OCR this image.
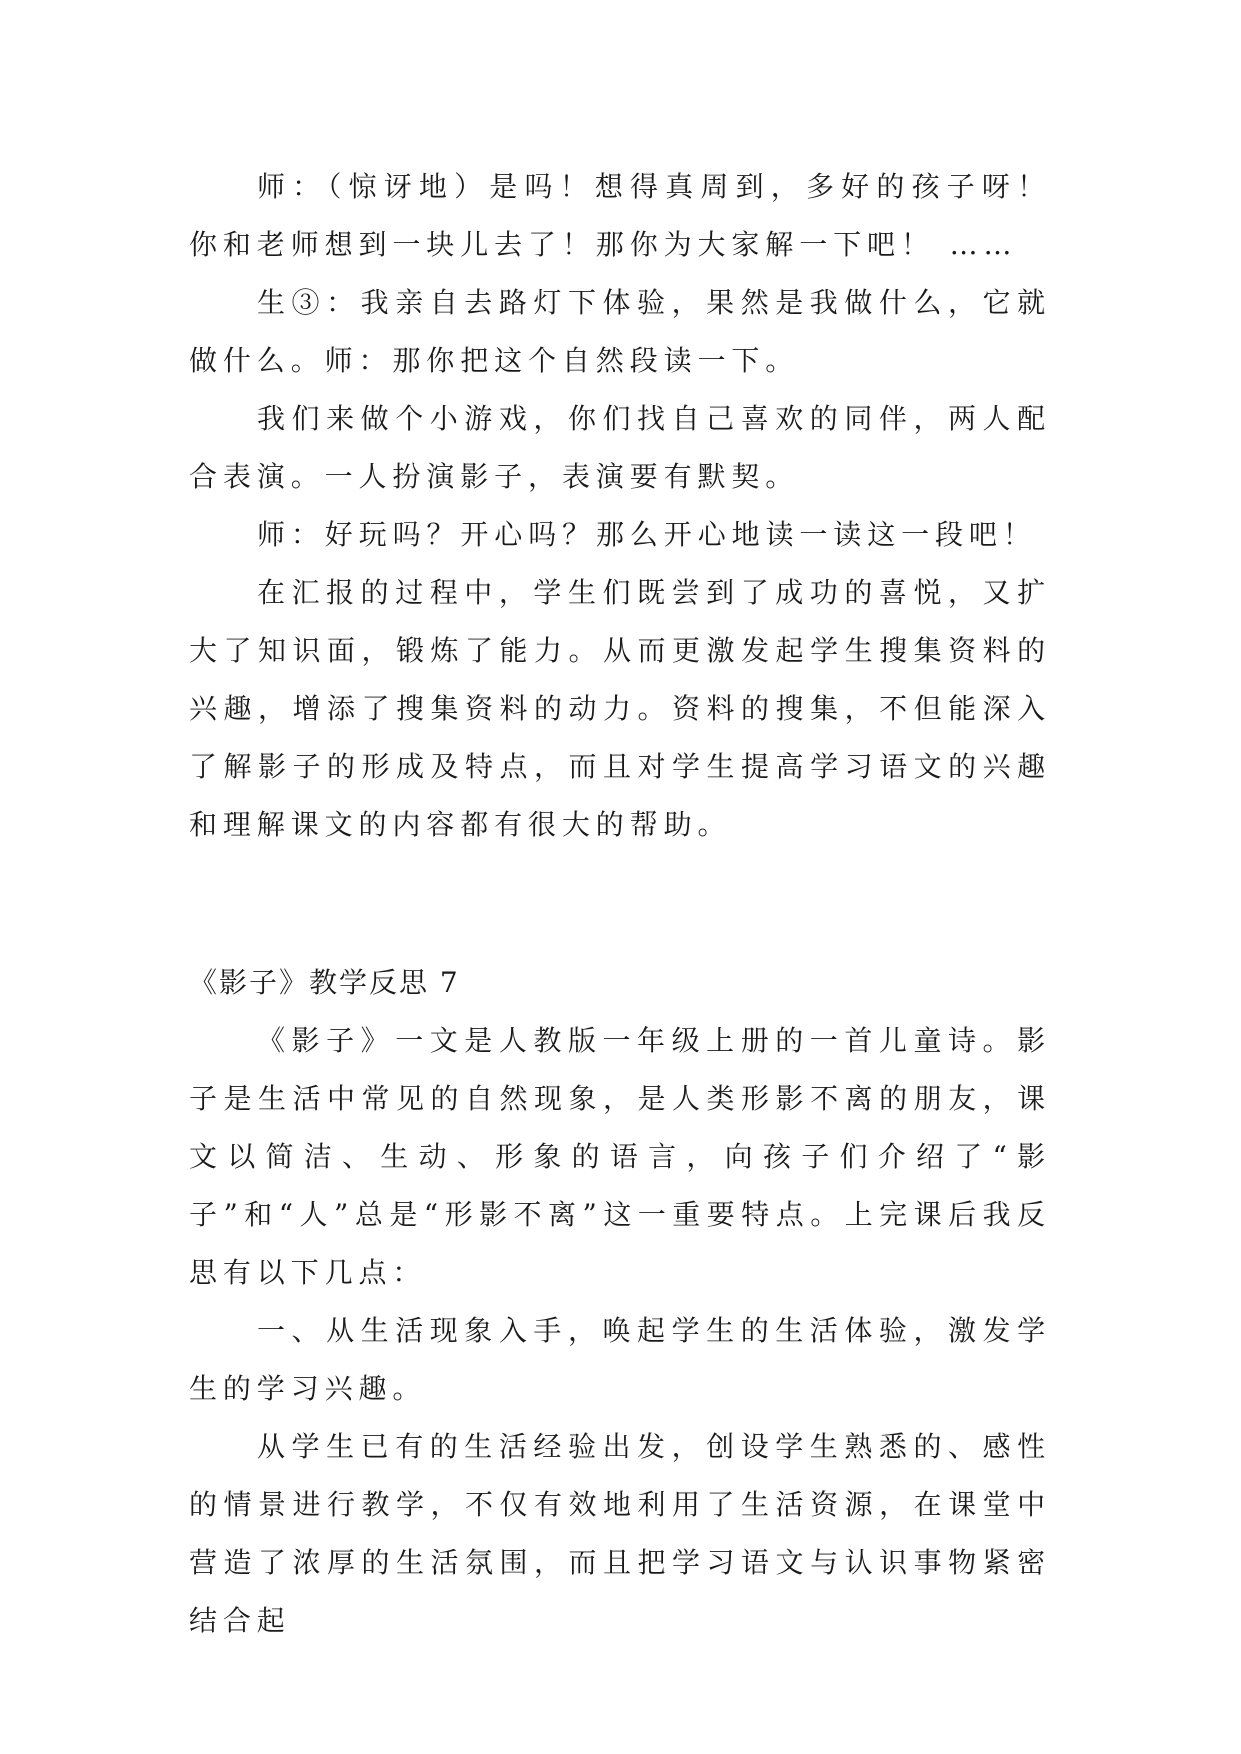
师：（惊讶地）是吗！想得真周到，多好的孩子呀！你和老师想到一块儿去了！那你为大家解一下吧！ ……

生③：我亲自去路灯下体验，果然是我做什么，它就做什么。师：那你把这个自然段读一下。

我们来做个小游戏，你们找自己喜欢的同伴，两人配合表演。一人扮演影子，表演要有默契。

师：好玩吗？开心吗？那么开心地读一读这一段吧！

在汇报的过程中，学生们既尝到了成功的喜悦，又扩大了知识面，锻炼了能力。从而更激发起学生搜集资料的兴趣，增添了搜集资料的动力。资料的搜集，不但能深入了解影子的形成及特点，而且对学生提高学习语文的兴趣和理解课文的内容都有很大的帮助。

《影子》教学反思 7

《影子》一文是人教版一年级上册的一首儿童诗。影子是生活中常见的自然现象，是人类形影不离的朋友，课文以简洁、生动、形象的语言，向孩子们介绍了“影子”和“人”总是“形影不离”这一重要特点。上完课后我反思有以下几点：

一、从生活现象入手，唤起学生的生活体验，激发学生的学习兴趣。

从学生已有的生活经验出发，创设学生熟悉的、感性的情景进行教学，不仅有效地利用了生活资源，在课堂中营造了浓厚的生活氛围，而且把学习语文与认识事物紧密结合起
